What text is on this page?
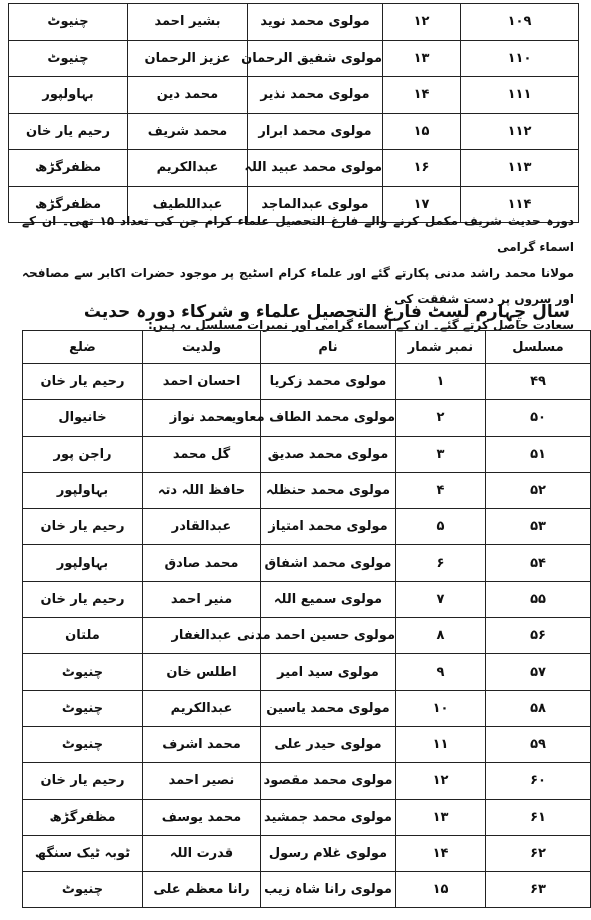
۱۰۹	۱۲	مولوی محمد نوید	بشیر احمد	چنیوٹ
۱۱۰	۱۳	مولوی شفیق الرحمان	عزیز الرحمان	چنیوٹ
۱۱۱	۱۴	مولوی محمد نذیر	محمد دین	بہاولپور
۱۱۲	۱۵	مولوی محمد ابرار	محمد شریف	رحیم یار خان
۱۱۳	۱۶	مولوی محمد عبید اللہ	عبدالکریم	مظفرگڑھ
۱۱۴	۱۷	مولوی عبدالماجد	عبداللطیف	مظفرگڑھ

دورہ حدیث شریف مکمل کرنے والے فارغ التحصیل علماء کرام جن کی تعداد ۱۵ تھی۔ ان کے اسماء گرامی

مولانا محمد راشد مدنی پکارتے گئے اور علماء کرام اسٹیج پر موجود حضرات اکابر سے مصافحہ اور سروں پر دست شفقت کی

سعادت حاصل کرتے گئے۔ ان کے اسماء گرامی اور نمبرات مسلسل یہ ہیں:

سال چہارم لسٹ فارغ التحصیل علماء و شرکاء دورہ حدیث
مسلسل	نمبر شمار	نام	ولدیت	ضلع
۴۹	۱	مولوی محمد زکریا	احسان احمد	رحیم یار خان
۵۰	۲	مولوی محمد الطاف معاویہ	محمد نواز	خانیوال
۵۱	۳	مولوی محمد صدیق	گل محمد	راجن پور
۵۲	۴	مولوی محمد حنظلہ	حافظ اللہ دتہ	بہاولپور
۵۳	۵	مولوی محمد امتیاز	عبدالقادر	رحیم یار خان
۵۴	۶	مولوی محمد اشفاق	محمد صادق	بہاولپور
۵۵	۷	مولوی سمیع اللہ	منیر احمد	رحیم یار خان
۵۶	۸	مولوی حسین احمد مدنی	عبدالغفار	ملتان
۵۷	۹	مولوی سید امیر	اطلس خان	چنیوٹ
۵۸	۱۰	مولوی محمد یاسین	عبدالکریم	چنیوٹ
۵۹	۱۱	مولوی حیدر علی	محمد اشرف	چنیوٹ
۶۰	۱۲	مولوی محمد مقصود	نصیر احمد	رحیم یار خان
۶۱	۱۳	مولوی محمد جمشید	محمد یوسف	مظفرگڑھ
۶۲	۱۴	مولوی غلام رسول	قدرت اللہ	ٹوبہ ٹیک سنگھ
۶۳	۱۵	مولوی رانا شاہ زیب	رانا معظم علی	چنیوٹ
